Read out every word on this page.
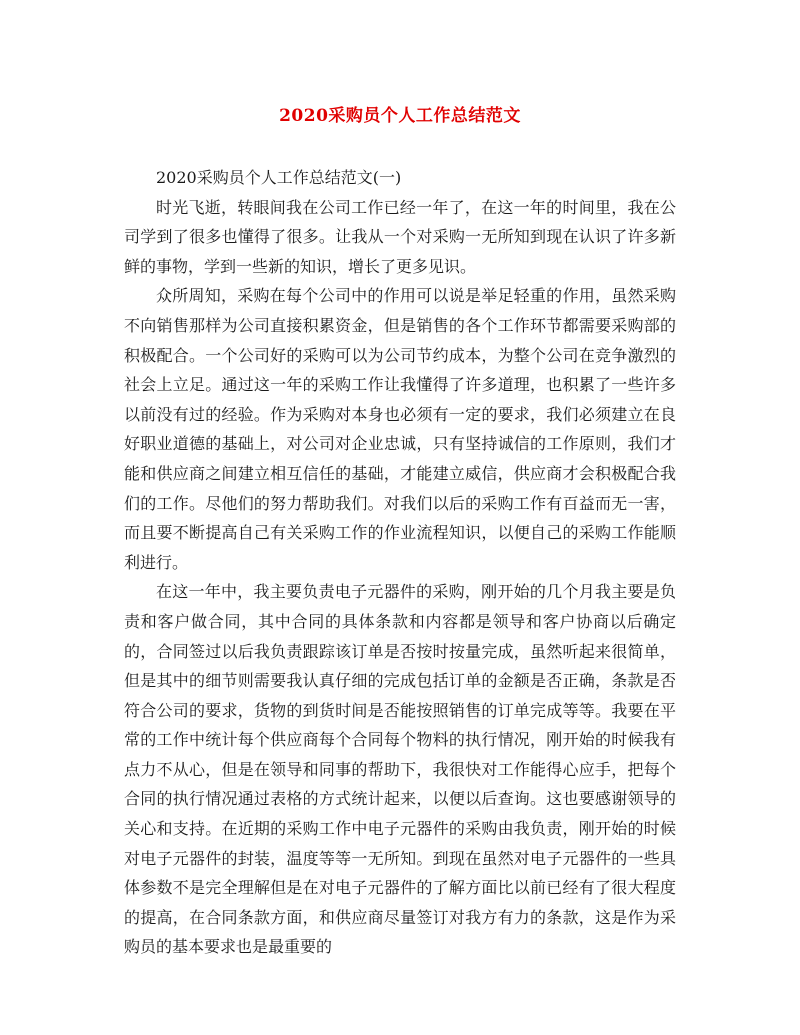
2020采购员个人工作总结范文

2020采购员个人工作总结范文(一)

时光飞逝，转眼间我在公司工作已经一年了，在这一年的时间里，我在公司学到了很多也懂得了很多。让我从一个对采购一无所知到现在认识了许多新鲜的事物，学到一些新的知识，增长了更多见识。

众所周知，采购在每个公司中的作用可以说是举足轻重的作用，虽然采购不向销售那样为公司直接积累资金，但是销售的各个工作环节都需要采购部的积极配合。一个公司好的采购可以为公司节约成本，为整个公司在竞争激烈的社会上立足。通过这一年的采购工作让我懂得了许多道理，也积累了一些许多以前没有过的经验。作为采购对本身也必须有一定的要求，我们必须建立在良好职业道德的基础上，对公司对企业忠诚，只有坚持诚信的工作原则，我们才能和供应商之间建立相互信任的基础，才能建立威信，供应商才会积极配合我们的工作。尽他们的努力帮助我们。对我们以后的采购工作有百益而无一害，而且要不断提高自己有关采购工作的作业流程知识，以便自己的采购工作能顺利进行。

在这一年中，我主要负责电子元器件的采购，刚开始的几个月我主要是负责和客户做合同，其中合同的具体条款和内容都是领导和客户协商以后确定的，合同签过以后我负责跟踪该订单是否按时按量完成，虽然听起来很简单，但是其中的细节则需要我认真仔细的完成包括订单的金额是否正确，条款是否符合公司的要求，货物的到货时间是否能按照销售的订单完成等等。我要在平常的工作中统计每个供应商每个合同每个物料的执行情况，刚开始的时候我有点力不从心，但是在领导和同事的帮助下，我很快对工作能得心应手，把每个合同的执行情况通过表格的方式统计起来，以便以后查询。这也要感谢领导的关心和支持。在近期的采购工作中电子元器件的采购由我负责，刚开始的时候对电子元器件的封装，温度等等一无所知。到现在虽然对电子元器件的一些具体参数不是完全理解但是在对电子元器件的了解方面比以前已经有了很大程度的提高，在合同条款方面，和供应商尽量签订对我方有力的条款，这是作为采购员的基本要求也是最重要的
